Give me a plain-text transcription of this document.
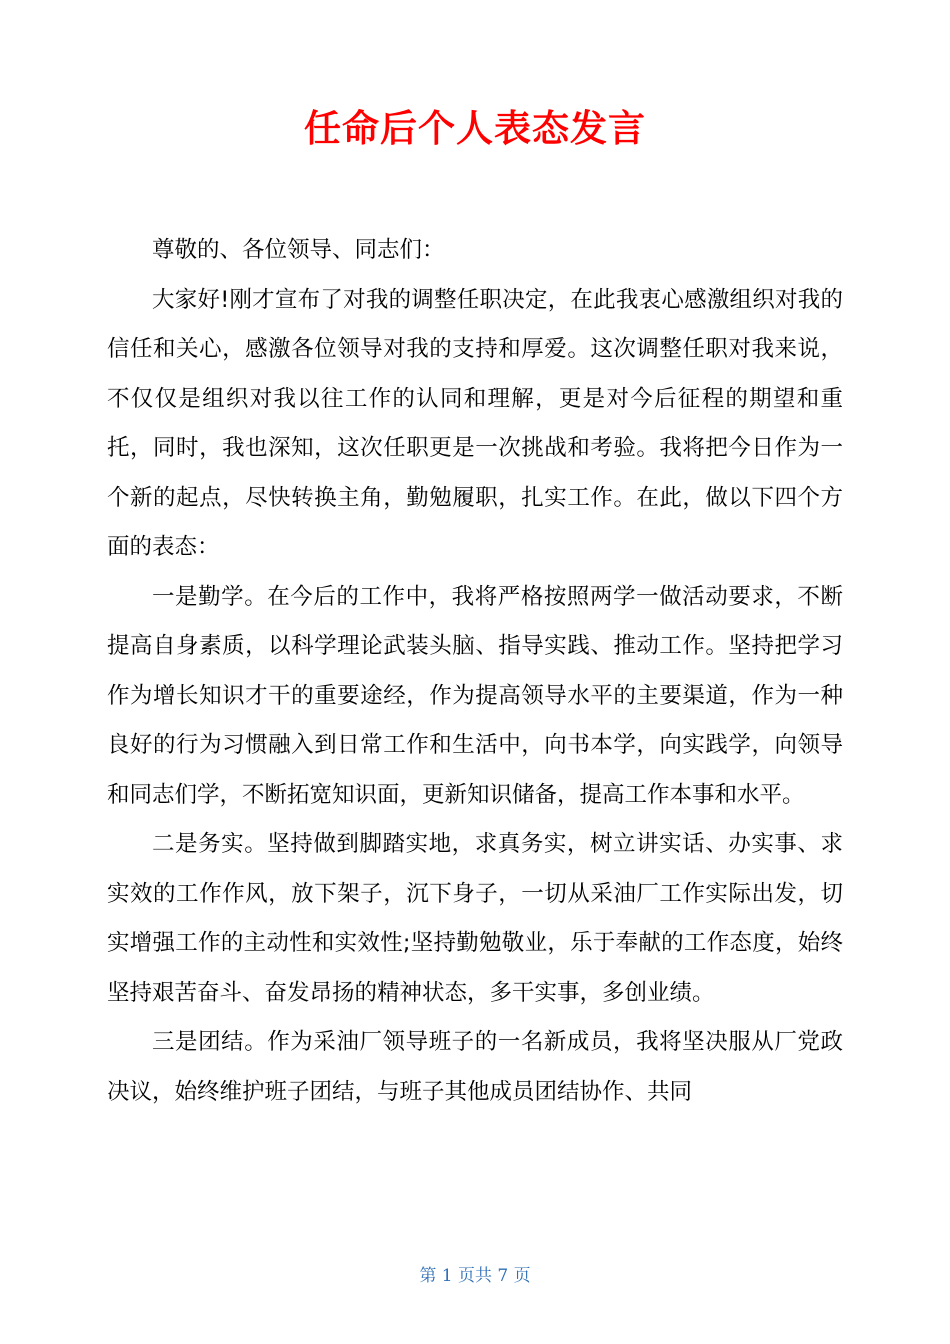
任命后个人表态发言

尊敬的、各位领导、同志们：

大家好!刚才宣布了对我的调整任职决定，在此我衷心感激组织对我的信任和关心，感激各位领导对我的支持和厚爱。这次调整任职对我来说，不仅仅是组织对我以往工作的认同和理解，更是对今后征程的期望和重托，同时，我也深知，这次任职更是一次挑战和考验。我将把今日作为一个新的起点，尽快转换主角，勤勉履职，扎实工作。在此，做以下四个方面的表态：

一是勤学。在今后的工作中，我将严格按照两学一做活动要求，不断提高自身素质，以科学理论武装头脑、指导实践、推动工作。坚持把学习作为增长知识才干的重要途经，作为提高领导水平的主要渠道，作为一种良好的行为习惯融入到日常工作和生活中，向书本学，向实践学，向领导和同志们学，不断拓宽知识面，更新知识储备，提高工作本事和水平。

二是务实。坚持做到脚踏实地，求真务实，树立讲实话、办实事、求实效的工作作风，放下架子，沉下身子，一切从采油厂工作实际出发，切实增强工作的主动性和实效性;坚持勤勉敬业，乐于奉献的工作态度，始终坚持艰苦奋斗、奋发昂扬的精神状态，多干实事，多创业绩。

三是团结。作为采油厂领导班子的一名新成员，我将坚决服从厂党政决议，始终维护班子团结，与班子其他成员团结协作、共同

第 1 页共 7 页
